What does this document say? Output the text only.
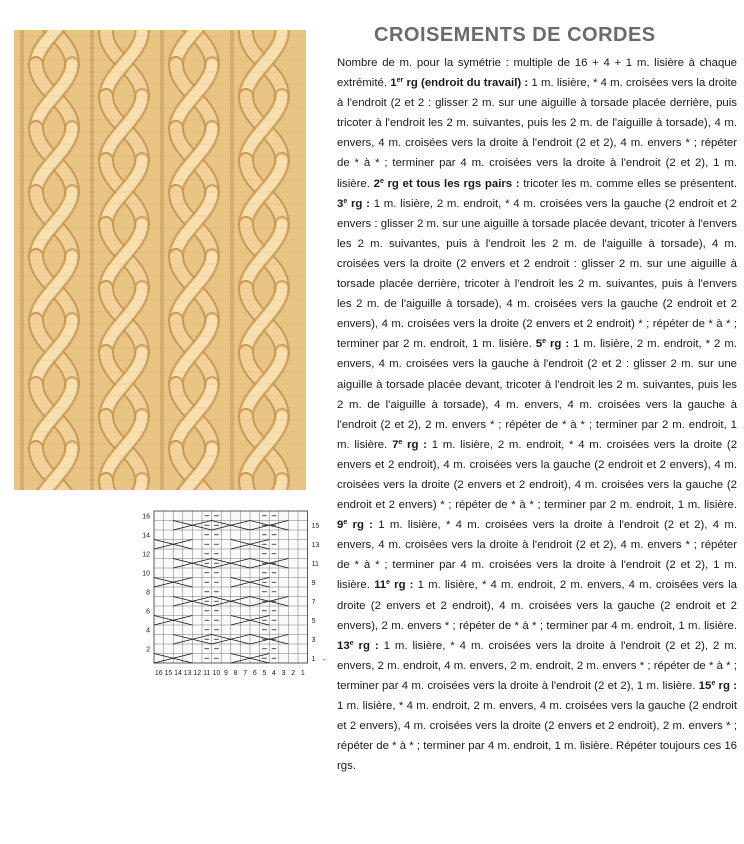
16
14
12
10
8
6
4
2
15
13
11
9
7
5
3
1 ←
16 15 14 13 12 11 10 9 8 7 6 5 4 3 2 1
CROISEMENTS DE CORDES
Nombre de m. pour la symétrie : multiple de 16 + 4 + 1 m. lisière à chaque extrémité. 1er rg (endroit du travail) : 1 m. lisière, * 4 m. croisées vers la droite à l'endroit (2 et 2 : glisser 2 m. sur une aiguille à torsade placée derrière, puis tricoter à l'endroit les 2 m. suivantes, puis les 2 m. de l'aiguille à torsade), 4 m. envers, 4 m. croisées vers la droite à l'endroit (2 et 2), 4 m. envers * ; répéter de * à * ; terminer par 4 m. croisées vers la droite à l'endroit (2 et 2), 1 m. lisière. 2e rg et tous les rgs pairs : tricoter les m. comme elles se présentent. 3e rg : 1 m. lisière, 2 m. endroit, * 4 m. croisées vers la gauche (2 endroit et 2 envers : glisser 2 m. sur une aiguille à torsade placée devant, tricoter à l'envers les 2 m. suivantes, puis à l'endroit les 2 m. de l'aiguille à torsade), 4 m. croisées vers la droite (2 envers et 2 endroit : glisser 2 m. sur une aiguille à torsade placée derrière, tricoter à l'endroit les 2 m. suivantes, puis à l'envers les 2 m. de l'aiguille à torsade), 4 m. croisées vers la gauche (2 endroit et 2 envers), 4 m. croisées vers la droite (2 envers et 2 endroit) * ; répéter de * à * ; terminer par 2 m. endroit, 1 m. lisière. 5e rg : 1 m. lisière, 2 m. endroit, * 2 m. envers, 4 m. croisées vers la gauche à l'endroit (2 et 2 : glisser 2 m. sur une aiguille à torsade placée devant, tricoter à l'endroit les 2 m. suivantes, puis les 2 m. de l'aiguille à torsade), 4 m. envers, 4 m. croisées vers la gauche à l'endroit (2 et 2), 2 m. envers * ; répéter de * à * ; terminer par 2 m. endroit, 1 m. lisière. 7e rg : 1 m. lisière, 2 m. endroit, * 4 m. croisées vers la droite (2 envers et 2 endroit), 4 m. croisées vers la gauche (2 endroit et 2 envers), 4 m. croisées vers la droite (2 envers et 2 endroit), 4 m. croisées vers la gauche (2 endroit et 2 envers) * ; répéter de * à * ; terminer par 2 m. endroit, 1 m. lisière. 9e rg : 1 m. lisière, * 4 m. croisées vers la droite à l'endroit (2 et 2), 4 m. envers, 4 m. croisées vers la droite à l'endroit (2 et 2), 4 m. envers * ; répéter de * à * ; terminer par 4 m. croisées vers la droite à l'endroit (2 et 2), 1 m. lisière. 11e rg : 1 m. lisière, * 4 m. endroit, 2 m. envers, 4 m. croisées vers la droite (2 envers et 2 endroit), 4 m. croisées vers la gauche (2 endroit et 2 envers), 2 m. envers * ; répéter de * à * ; terminer par 4 m. endroit, 1 m. lisière. 13e rg : 1 m. lisière, * 4 m. croisées vers la droite à l'endroit (2 et 2), 2 m. envers, 2 m. endroit, 4 m. envers, 2 m. endroit, 2 m. envers * ; répéter de * à * ; terminer par 4 m. croisées vers la droite à l'endroit (2 et 2), 1 m. lisière. 15e rg : 1 m. lisière, * 4 m. endroit, 2 m. envers, 4 m. croisées vers la gauche (2 endroit et 2 envers), 4 m. croisées vers la droite (2 envers et 2 endroit), 2 m. envers * ; répéter de * à * ; terminer par 4 m. endroit, 1 m. lisière. Répéter toujours ces 16 rgs.
